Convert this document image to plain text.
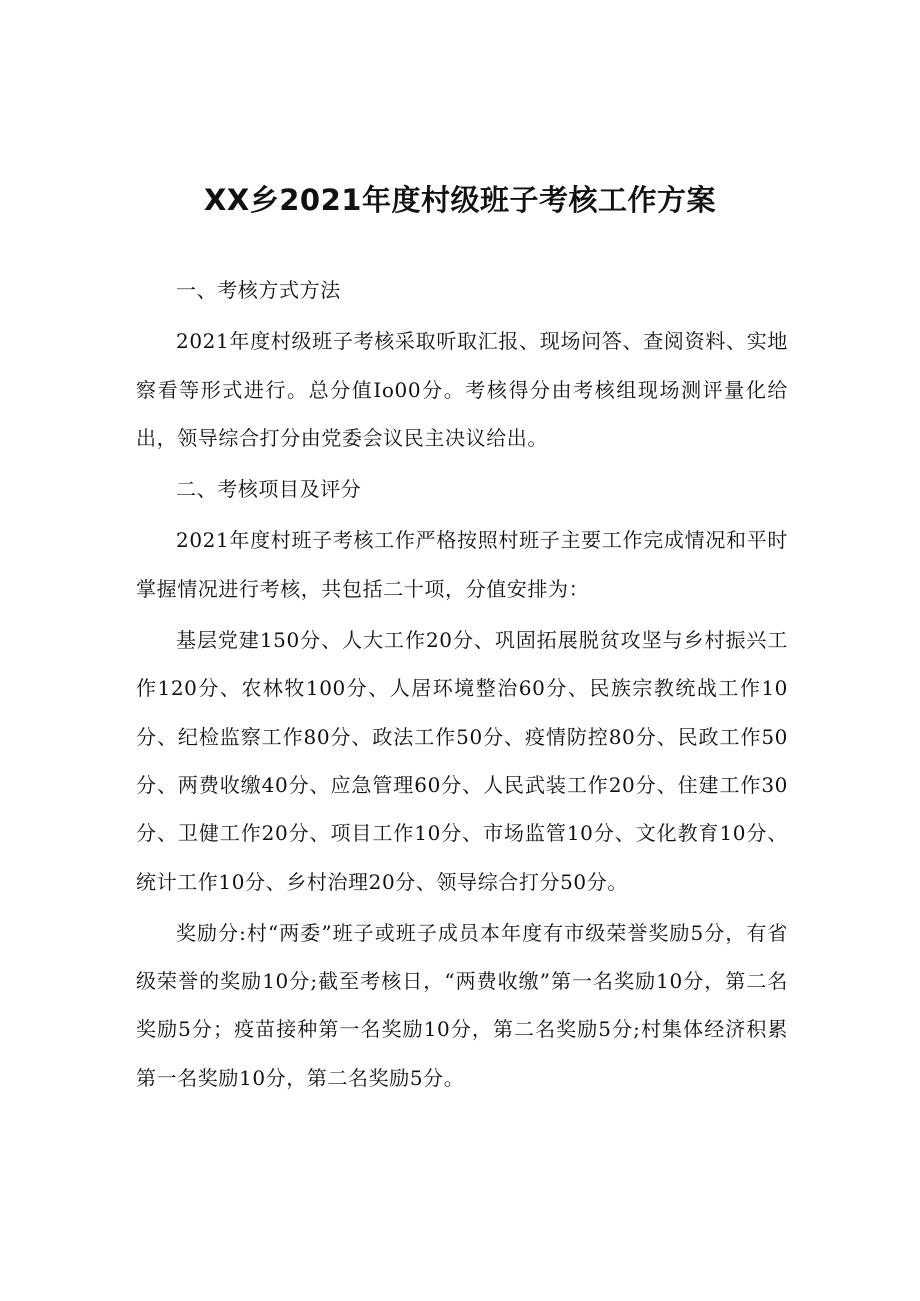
XX乡2021年度村级班子考核工作方案

一、考核方式方法

2021年度村级班子考核采取听取汇报、现场问答、查阅资料、实地察看等形式进行。总分值Io00分。考核得分由考核组现场测评量化给出，领导综合打分由党委会议民主决议给出。

二、考核项目及评分

2021年度村班子考核工作严格按照村班子主要工作完成情况和平时掌握情况进行考核，共包括二十项，分值安排为：

基层党建150分、人大工作20分、巩固拓展脱贫攻坚与乡村振兴工作120分、农林牧100分、人居环境整治60分、民族宗教统战工作10分、纪检监察工作80分、政法工作50分、疫情防控80分、民政工作50分、两费收缴40分、应急管理60分、人民武装工作20分、住建工作30分、卫健工作20分、项目工作10分、市场监管10分、文化教育10分、统计工作10分、乡村治理20分、领导综合打分50分。

奖励分:村“两委”班子或班子成员本年度有市级荣誉奖励5分，有省级荣誉的奖励10分;截至考核日，“两费收缴”第一名奖励10分，第二名奖励5分；疫苗接种第一名奖励10分，第二名奖励5分;村集体经济积累第一名奖励10分，第二名奖励5分。
